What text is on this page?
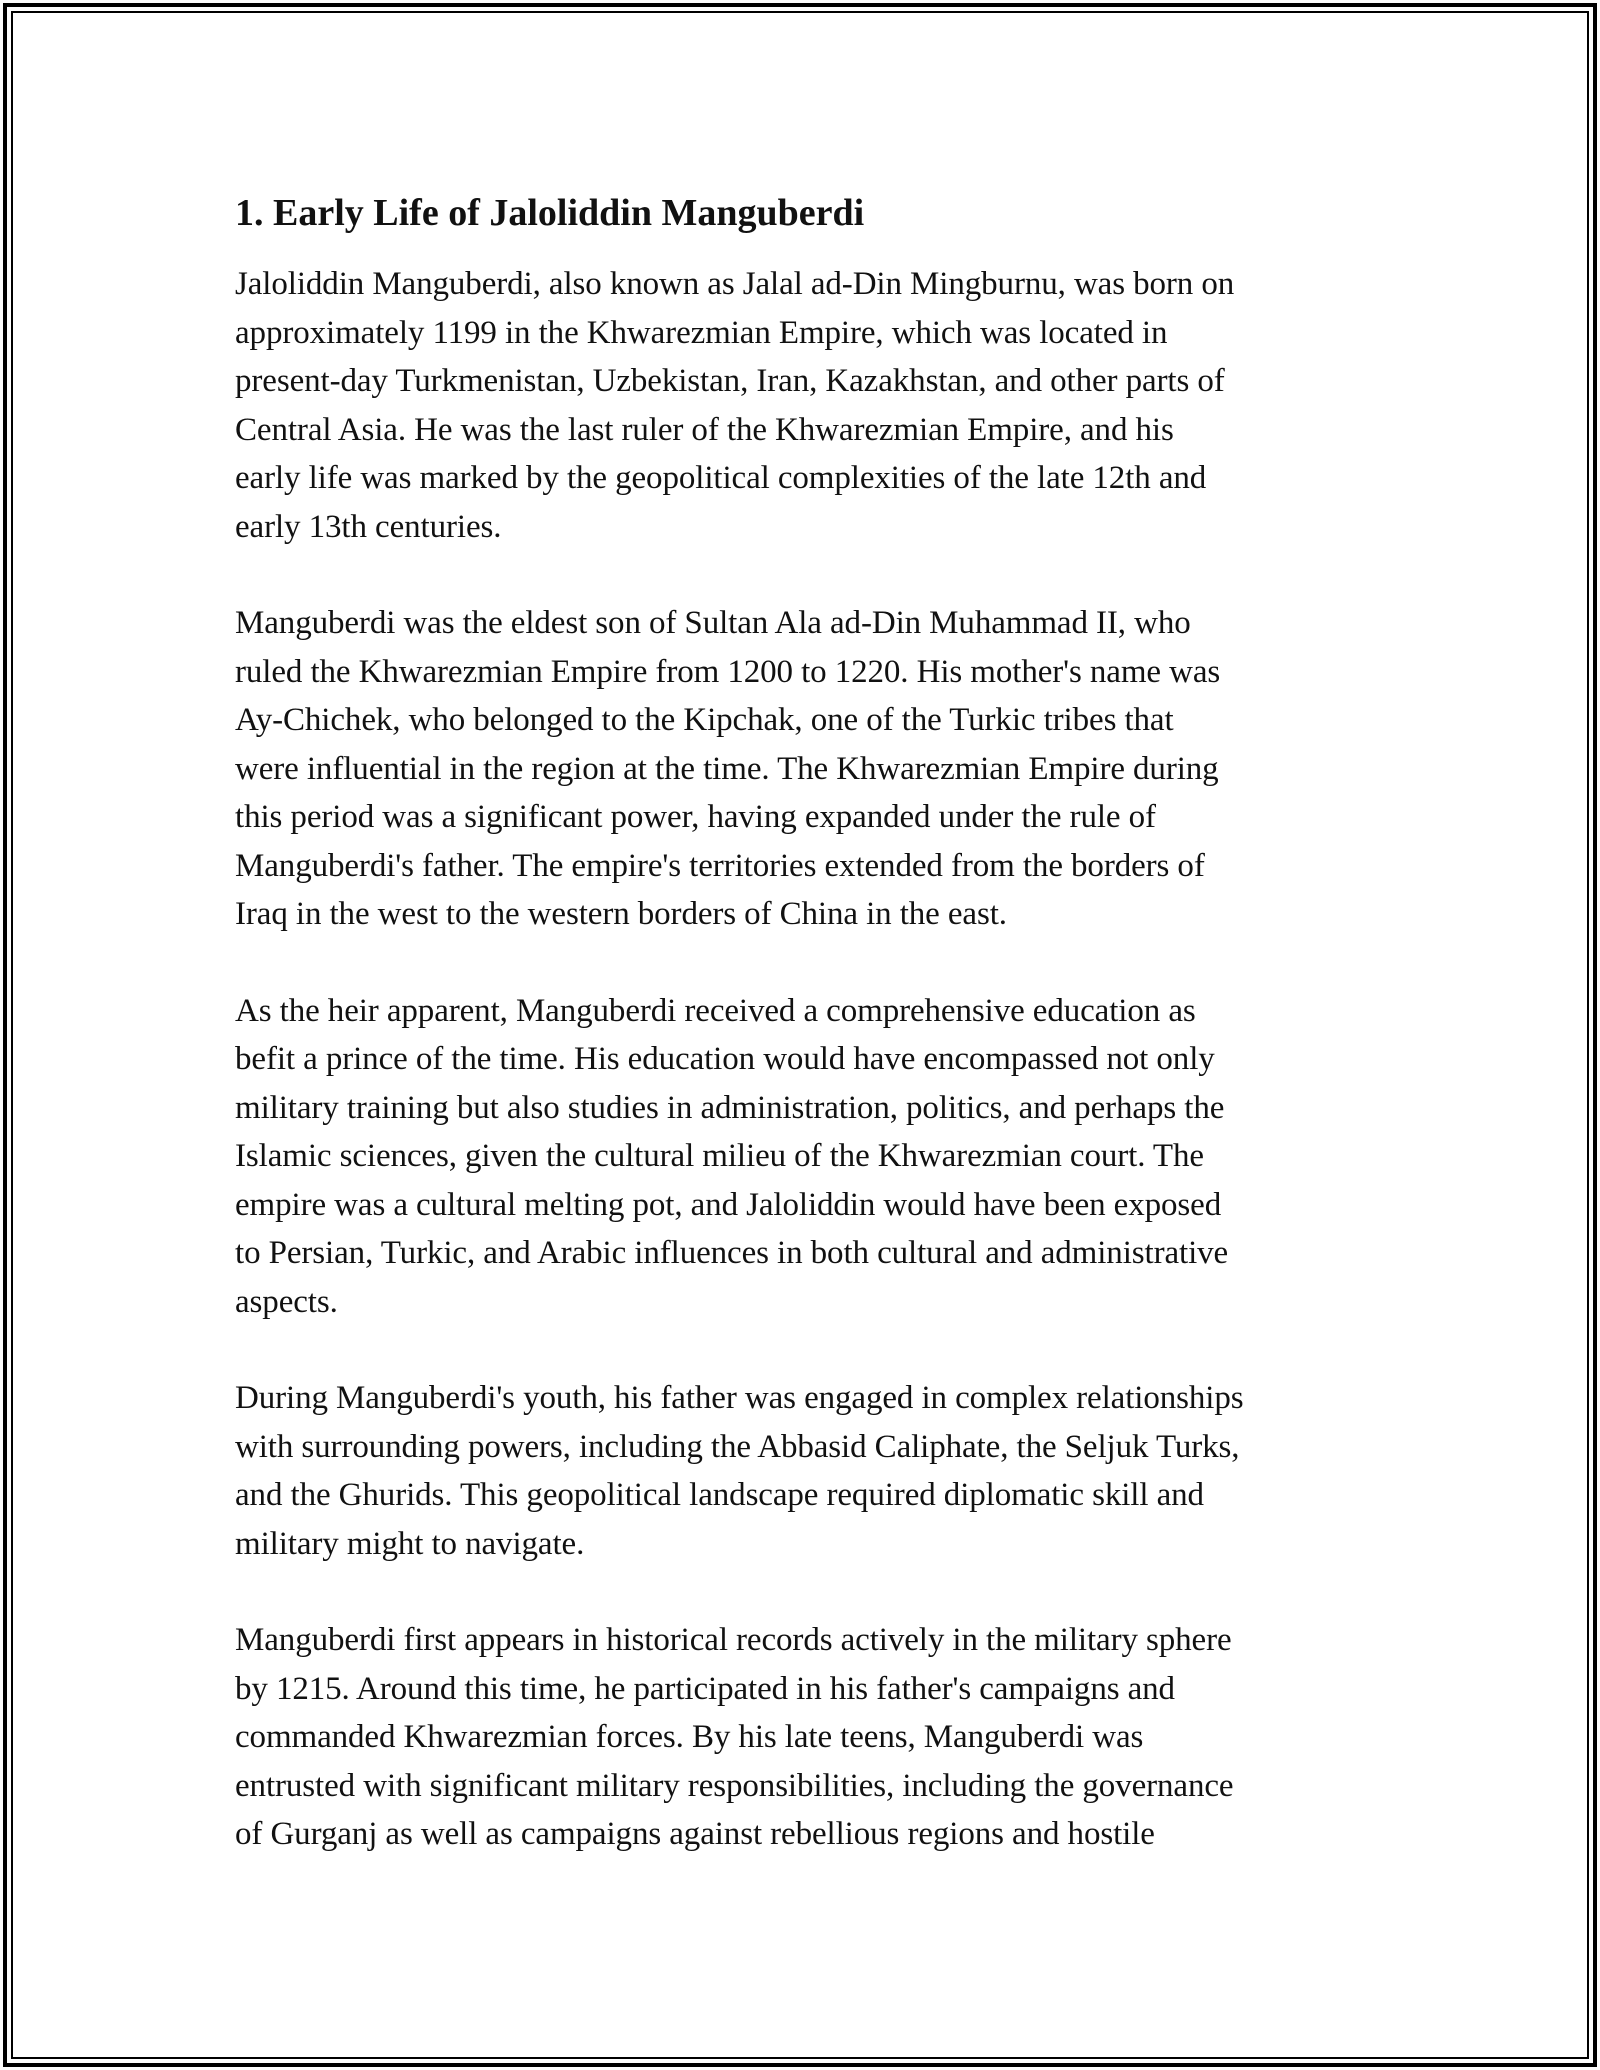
1. Early Life of Jaloliddin Manguberdi

Jaloliddin Manguberdi, also known as Jalal ad-Din Mingburnu, was born on
approximately 1199 in the Khwarezmian Empire, which was located in
present-day Turkmenistan, Uzbekistan, Iran, Kazakhstan, and other parts of
Central Asia. He was the last ruler of the Khwarezmian Empire, and his
early life was marked by the geopolitical complexities of the late 12th and
early 13th centuries.

Manguberdi was the eldest son of Sultan Ala ad-Din Muhammad II, who
ruled the Khwarezmian Empire from 1200 to 1220. His mother's name was
Ay-Chichek, who belonged to the Kipchak, one of the Turkic tribes that
were influential in the region at the time. The Khwarezmian Empire during
this period was a significant power, having expanded under the rule of
Manguberdi's father. The empire's territories extended from the borders of
Iraq in the west to the western borders of China in the east.

As the heir apparent, Manguberdi received a comprehensive education as
befit a prince of the time. His education would have encompassed not only
military training but also studies in administration, politics, and perhaps the
Islamic sciences, given the cultural milieu of the Khwarezmian court. The
empire was a cultural melting pot, and Jaloliddin would have been exposed
to Persian, Turkic, and Arabic influences in both cultural and administrative
aspects.

During Manguberdi's youth, his father was engaged in complex relationships
with surrounding powers, including the Abbasid Caliphate, the Seljuk Turks,
and the Ghurids. This geopolitical landscape required diplomatic skill and
military might to navigate.

Manguberdi first appears in historical records actively in the military sphere
by 1215. Around this time, he participated in his father's campaigns and
commanded Khwarezmian forces. By his late teens, Manguberdi was
entrusted with significant military responsibilities, including the governance
of Gurganj as well as campaigns against rebellious regions and hostile
